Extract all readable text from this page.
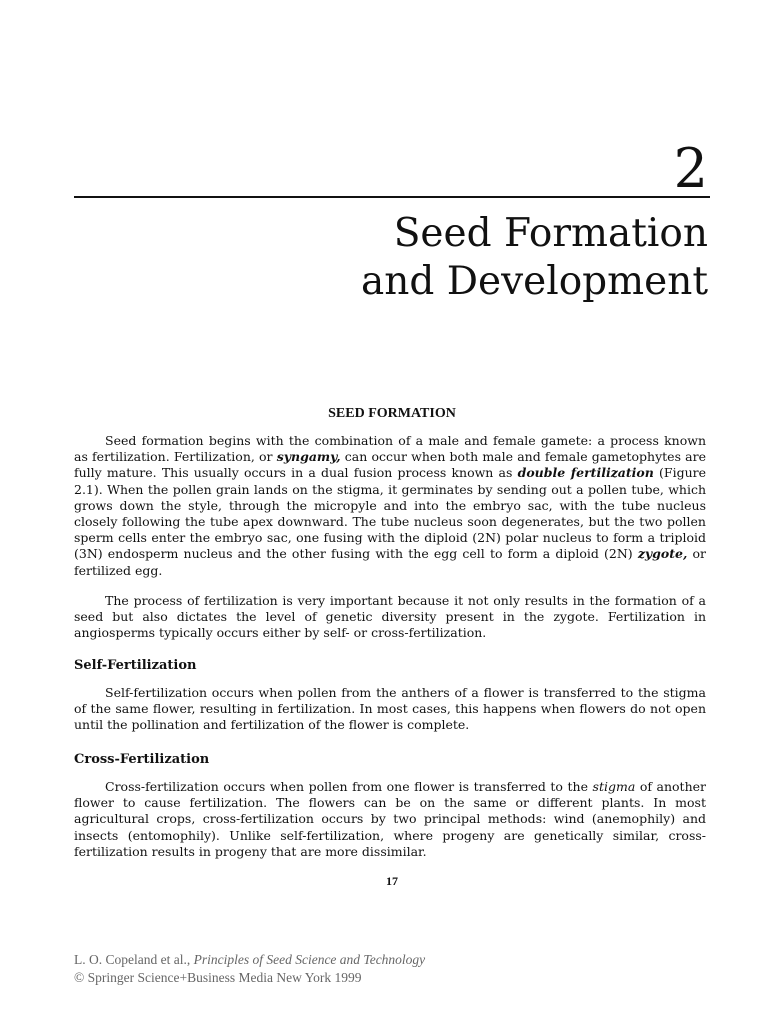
2
Seed Formation
and Development
SEED FORMATION

Seed formation begins with the combination of a male and female gamete: a process known as fertilization. Fertilization, or syngamy, can occur when both male and female gametophytes are fully mature. This usually occurs in a dual fusion process known as double fertilization (Figure 2.1). When the pollen grain lands on the stigma, it germinates by sending out a pollen tube, which grows down the style, through the micropyle and into the embryo sac, with the tube nucleus closely following the tube apex downward. The tube nucleus soon degenerates, but the two pollen sperm cells enter the embryo sac, one fusing with the diploid (2N) polar nucleus to form a triploid (3N) endosperm nucleus and the other fusing with the egg cell to form a diploid (2N) zygote, or fertilized egg.

The process of fertilization is very important because it not only results in the formation of a seed but also dictates the level of genetic diversity present in the zygote. Fertilization in angiosperms typically occurs either by self- or cross-fertilization.

Self-Fertilization

Self-fertilization occurs when pollen from the anthers of a flower is transferred to the stigma of the same flower, resulting in fertilization. In most cases, this happens when flowers do not open until the pollination and fertilization of the flower is complete.

Cross-Fertilization

Cross-fertilization occurs when pollen from one flower is transferred to the stigma of another flower to cause fertilization. The flowers can be on the same or different plants. In most agricultural crops, cross-fertilization occurs by two principal methods: wind (anemophily) and insects (entomophily). Unlike self-fertilization, where progeny are genetically similar, cross-fertilization results in progeny that are more dissimilar.

17
L. O. Copeland et al., Principles of Seed Science and Technology
© Springer Science+Business Media New York 1999
